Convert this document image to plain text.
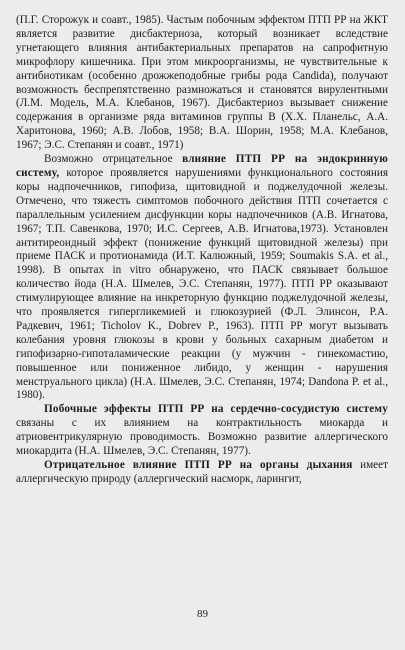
(П.Г. Сторожук и соавт., 1985). Частым побочным эффектом ПТП РР на ЖКТ является развитие дисбактериоза, который возникает вследствие угнетающего влияния антибактериальных препаратов на сапрофитную микрофлору кишечника. При этом микроорганизмы, не чувствительные к антибиотикам (особенно дрожжеподобные грибы рода Candida), получают возможность беспрепятственно размножаться и становятся вирулентными (Л.М. Модель, М.А. Клебанов, 1967). Дисбактериоз вызывает снижение содержания в организме ряда витаминов группы В (Х.Х. Планельс, А.А. Харитонова, 1960; А.В. Лобов, 1958; В.А. Шорин, 1958; М.А. Клебанов, 1967; Э.С. Степанян и соавт., 1971)

Возможно отрицательное влияние ПТП РР на эндокринную систему, которое проявляется нарушениями функционального состояния коры надпочечников, гипофиза, щитовидной и поджелудочной железы. Отмечено, что тяжесть симптомов побочного действия ПТП сочетается с параллельным усилением дисфункции коры надпочечников (А.В. Игнатова, 1967; Т.П. Савенкова, 1970; И.С. Сергеев, А.В. Игнатова,1973). Установлен антитиреоидный эффект (понижение функций щитовидной железы) при приеме ПАСК и протионамида (И.Т. Калюжный, 1959; Soumakis S.A. et al., 1998). В опытах in vitro обнаружено, что ПАСК связывает большое количество йода (Н.А. Шмелев, Э.С. Степанян, 1977). ПТП РР оказывают стимулирующее влияние на инкреторную функцию поджелудочной железы, что проявляется гипергликемией и глюкозурией (Ф.Л. Элинсон, Р.А. Радкевич, 1961; Ticholov K., Dobrev P., 1963). ПТП РР могут вызывать колебания уровня глюкозы в крови у больных сахарным диабетом и гипофизарно-гипоталамические реакции (у мужчин - гинекомастию, повышенное или пониженное либидо, у женщин - нарушения менструального цикла) (Н.А. Шмелев, Э.С. Степанян, 1974; Dandona P. et al., 1980).

Побочные эффекты ПТП РР на сердечно-сосудистую систему связаны с их влиянием на контрактильность миокарда и атриовентрикулярную проводимость. Возможно развитие аллергического миокардита (Н.А. Шмелев, Э.С. Степанян, 1977).

Отрицательное влияние ПТП РР на органы дыхания имеет аллергическую природу (аллергический насморк, ларингит,

89
